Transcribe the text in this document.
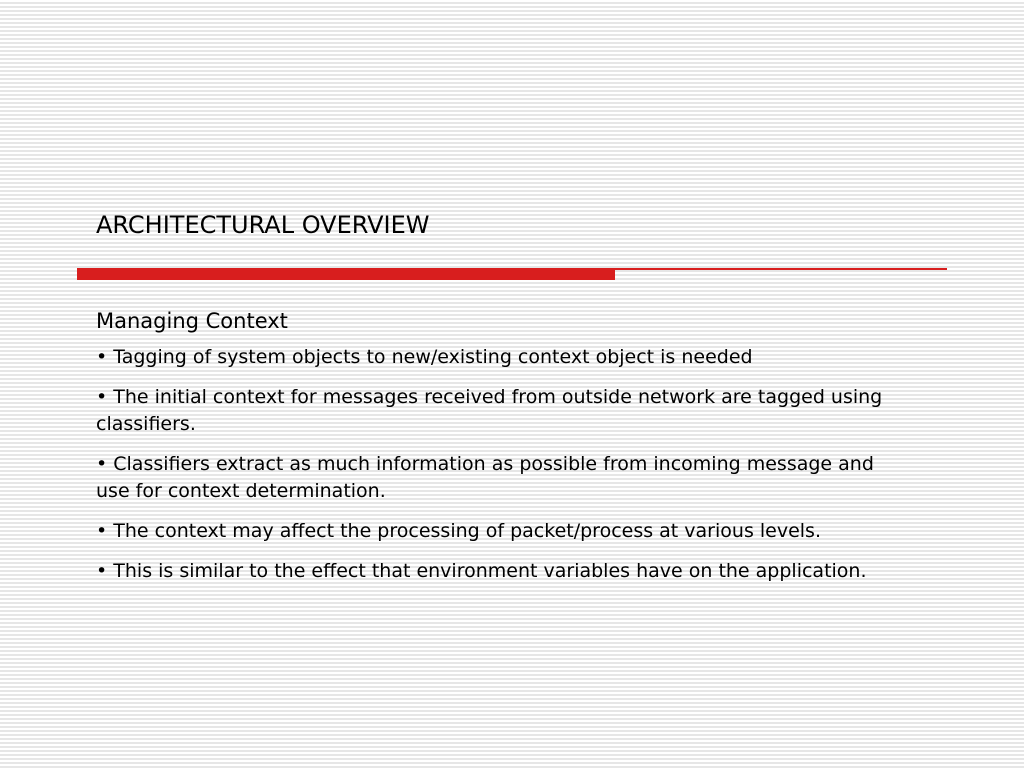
ARCHITECTURAL OVERVIEW
Managing Context
• Tagging of system objects to new/existing context object is needed
• The initial context for messages received from outside network are tagged using classifiers.
• Classifiers extract as much information as possible from incoming message and use for context determination.
• The context may affect the processing of packet/process at various levels.
• This is similar to the effect that environment variables have on the application.
